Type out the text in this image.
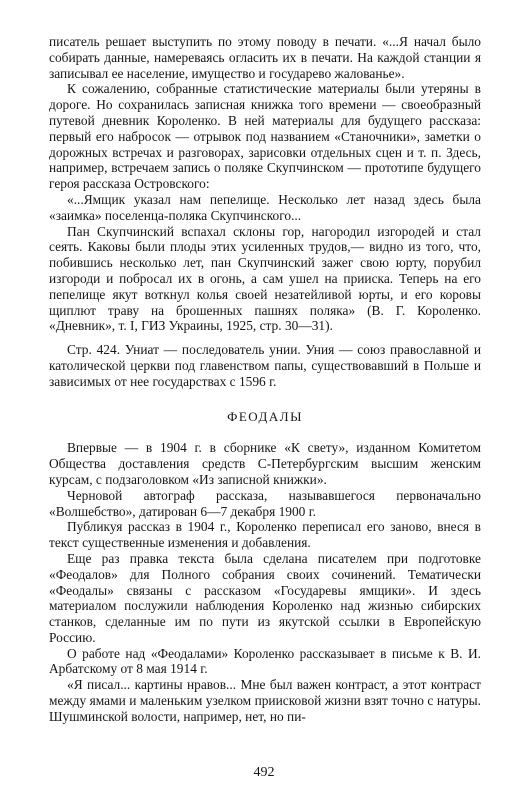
писатель решает выступить по этому поводу в печати. «...Я начал было собирать данные, намереваясь огласить их в печати. На каждой станции я записывал ее население, имущество и государево жалованье».

К сожалению, собранные статистические материалы были утеряны в дороге. Но сохранилась записная книжка того времени — своеобразный путевой дневник Короленко. В ней материалы для будущего рассказа: первый его набросок — отрывок под названием «Станочники», заметки о дорожных встречах и разговорах, зарисовки отдельных сцен и т. п. Здесь, например, встречаем запись о поляке Скупчинском — прототипе будущего героя рассказа Островского:

«...Ямщик указал нам пепелище. Несколько лет назад здесь была «заимка» поселенца-поляка Скупчинского...

Пан Скупчинский вспахал склоны гор, нагородил изгородей и стал сеять. Каковы были плоды этих усиленных трудов,— видно из того, что, побившись несколько лет, пан Скупчинский зажег свою юрту, порубил изгороди и побросал их в огонь, а сам ушел на прииска. Теперь на его пепелище якут воткнул колья своей незатейливой юрты, и его коровы щиплют траву на брошенных пашнях поляка» (В. Г. Короленко. «Дневник», т. I, ГИЗ Украины, 1925, стр. 30—31).

Стр. 424. Униат — последователь унии. Уния — союз православной и католической церкви под главенством папы, существовавший в Польше и зависимых от нее государствах с 1596 г.

ФЕОДАЛЫ

Впервые — в 1904 г. в сборнике «К свету», изданном Комитетом Общества доставления средств С-Петербургским высшим женским курсам, с подзаголовком «Из записной книжки».

Черновой автограф рассказа, называвшегося первоначально «Волшебство», датирован 6—7 декабря 1900 г.

Публикуя рассказ в 1904 г., Короленко переписал его заново, внеся в текст существенные изменения и добавления.

Еще раз правка текста была сделана писателем при подготовке «Феодалов» для Полного собрания своих сочинений. Тематически «Феодалы» связаны с рассказом «Государевы ямщики». И здесь материалом послужили наблюдения Короленко над жизнью сибирских станков, сделанные им по пути из якутской ссылки в Европейскую Россию.

О работе над «Феодалами» Короленко рассказывает в письме к В. И. Арбатскому от 8 мая 1914 г.

«Я писал... картины нравов... Мне был важен контраст, а этот контраст между ямами и маленьким узелком приисковой жизни взят точно с натуры. Шушминской волости, например, нет, но пи-

492
